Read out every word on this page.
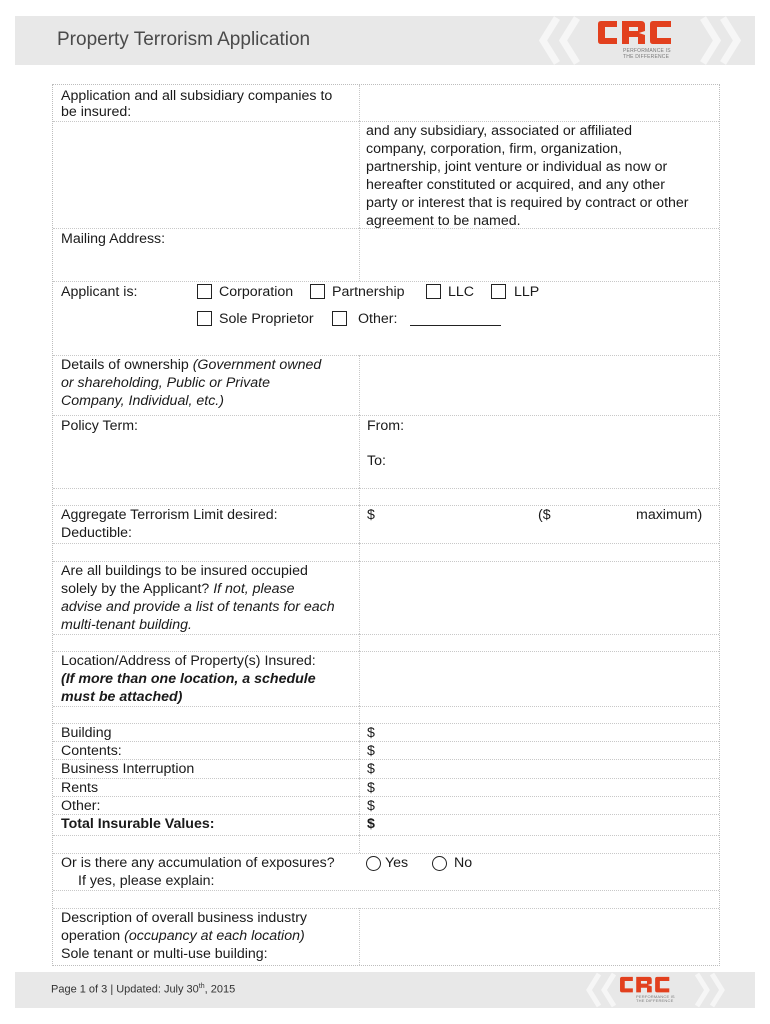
Property Terrorism Application
PERFORMANCE IS
THE DIFFERENCE
Application and all subsidiary companies to
be insured:
and any subsidiary, associated or affiliated
company, corporation, firm, organization,
partnership, joint venture or individual as now or
hereafter constituted or acquired, and any other
party or interest that is required by contract or other
agreement to be named.
Mailing Address:
Applicant is:	Corporation	Partnership	LLC	LLP
Sole Proprietor	Other:
Details of ownership (Government owned
or shareholding, Public or Private
Company, Individual, etc.)
Policy Term:	From:
To:
Aggregate Terrorism Limit desired:	$	($	maximum)
Deductible:
Are all buildings to be insured occupied
solely by the Applicant? If not, please
advise and provide a list of tenants for each
multi-tenant building.
Location/Address of Property(s) Insured:
(If more than one location, a schedule
must be attached)
Building	$
Contents:	$
Business Interruption	$
Rents	$
Other:	$
Total Insurable Values:	$
Or is there any accumulation of exposures?	Yes	No
If yes, please explain:
Description of overall business industry
operation (occupancy at each location)
Sole tenant or multi-use building:
Page 1 of 3 | Updated: July 30th, 2015
PERFORMANCE IS
THE DIFFERENCE
